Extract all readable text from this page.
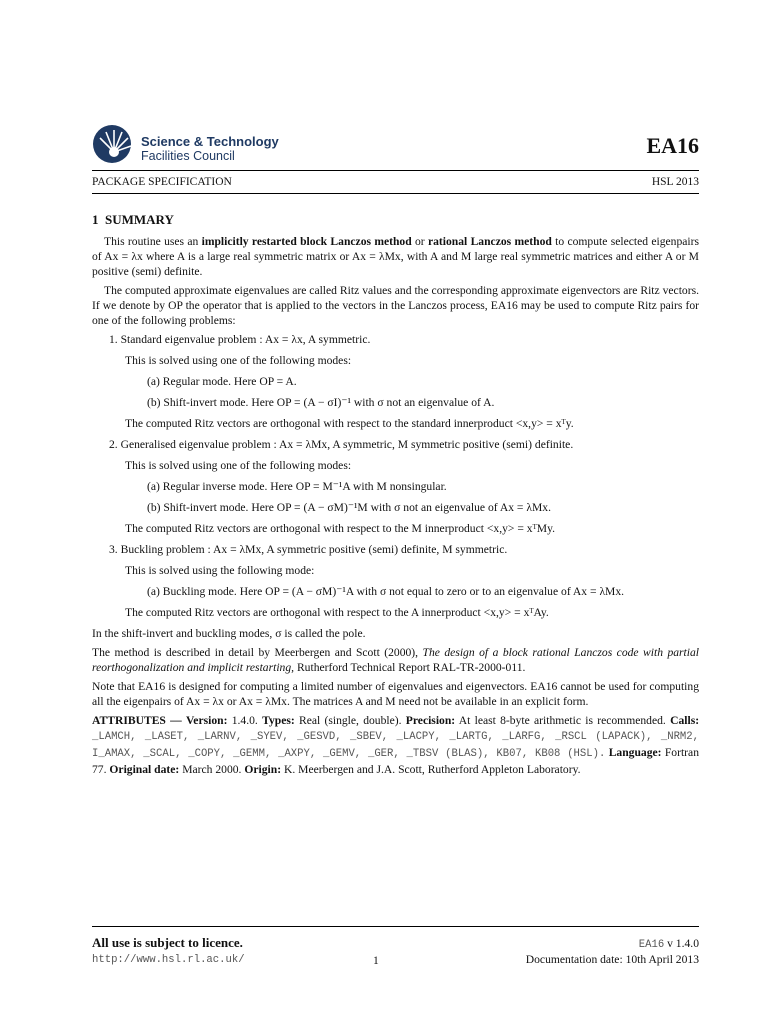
Science & Technology
Facilities Council	EA16
PACKAGE SPECIFICATION	HSL 2013
1 SUMMARY

This routine uses an implicitly restarted block Lanczos method or rational Lanczos method to compute selected eigenpairs of Ax = λx where A is a large real symmetric matrix or Ax = λMx, with A and M large real symmetric matrices and either A or M positive (semi) definite.

The computed approximate eigenvalues are called Ritz values and the corresponding approximate eigenvectors are Ritz vectors. If we denote by OP the operator that is applied to the vectors in the Lanczos process, EA16 may be used to compute Ritz pairs for one of the following problems:

1. Standard eigenvalue problem : Ax = λx, A symmetric.

This is solved using one of the following modes:

(a) Regular mode. Here OP = A.

(b) Shift-invert mode. Here OP = (A − σI)⁻¹ with σ not an eigenvalue of A.

The computed Ritz vectors are orthogonal with respect to the standard innerproduct <x,y> = xᵀy.

2. Generalised eigenvalue problem : Ax = λMx, A symmetric, M symmetric positive (semi) definite.

This is solved using one of the following modes:

(a) Regular inverse mode. Here OP = M⁻¹A with M nonsingular.

(b) Shift-invert mode. Here OP = (A − σM)⁻¹M with σ not an eigenvalue of Ax = λMx.

The computed Ritz vectors are orthogonal with respect to the M innerproduct <x,y> = xᵀMy.

3. Buckling problem : Ax = λMx, A symmetric positive (semi) definite, M symmetric.

This is solved using the following mode:

(a) Buckling mode. Here OP = (A − σM)⁻¹A with σ not equal to zero or to an eigenvalue of Ax = λMx.

The computed Ritz vectors are orthogonal with respect to the A innerproduct <x,y> = xᵀAy.

In the shift-invert and buckling modes, σ is called the pole.

The method is described in detail by Meerbergen and Scott (2000), The design of a block rational Lanczos code with partial reorthogonalization and implicit restarting, Rutherford Technical Report RAL-TR-2000-011.

Note that EA16 is designed for computing a limited number of eigenvalues and eigenvectors. EA16 cannot be used for computing all the eigenpairs of Ax = λx or Ax = λMx. The matrices A and M need not be available in an explicit form.

ATTRIBUTES — Version: 1.4.0. Types: Real (single, double). Precision: At least 8-byte arithmetic is recommended. Calls: _LAMCH, _LASET, _LARNV, _SYEV, _GESVD, _SBEV, _LACPY, _LARTG, _LARFG, _RSCL (LAPACK), _NRM2, I_AMAX, _SCAL, _COPY, _GEMM, _AXPY, _GEMV, _GER, _TBSV (BLAS), KB07, KB08 (HSL). Language: Fortran 77. Original date: March 2000. Origin: K. Meerbergen and J.A. Scott, Rutherford Appleton Laboratory.

All use is subject to licence.	EA16 v 1.4.0
http://www.hsl.rl.ac.uk/	1	Documentation date: 10th April 2013
